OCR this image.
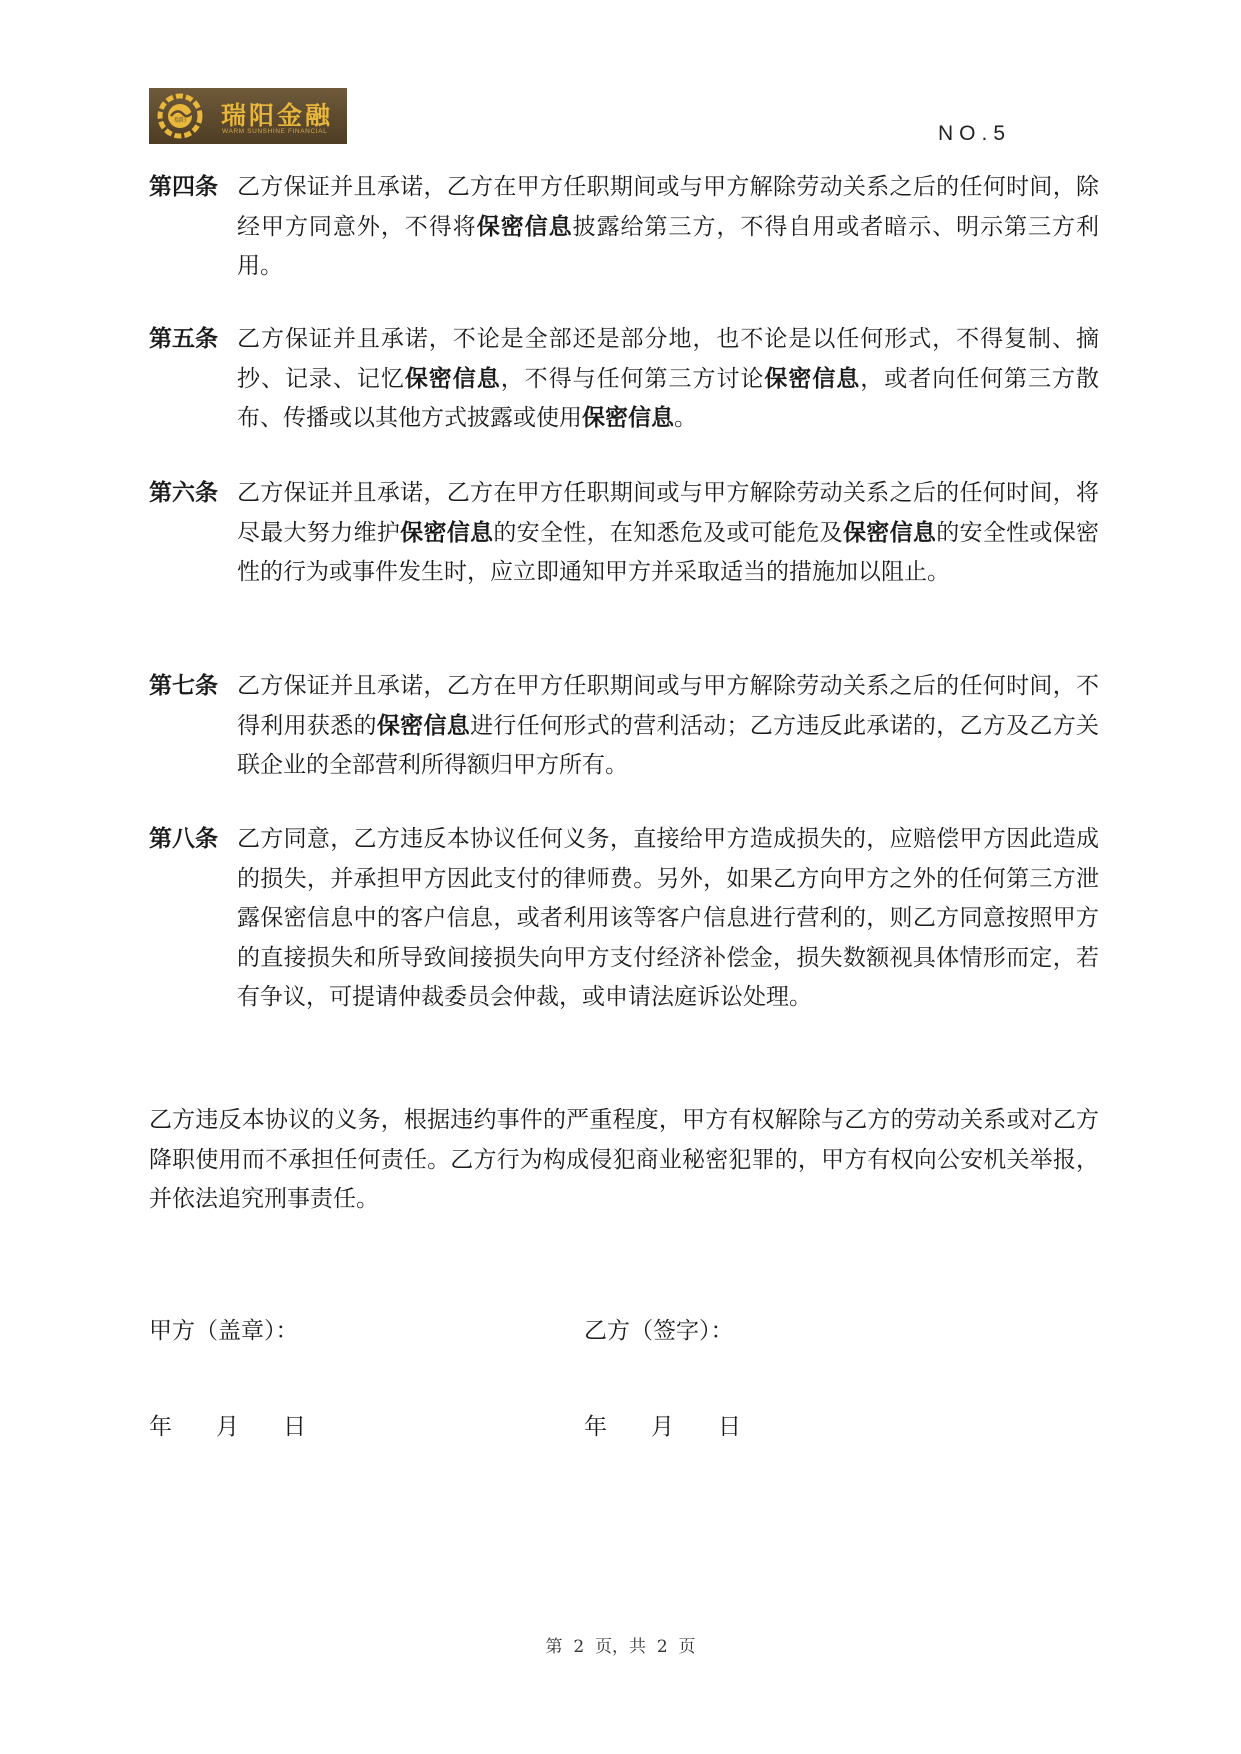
瑞阳 瑞阳金融
WARM SUNSHINE FINANCIAL	NO.5
第四条 乙方保证并且承诺，乙方在甲方任职期间或与甲方解除劳动关系之后的任何时间，除经甲方同意外，不得将保密信息披露给第三方，不得自用或者暗示、明示第三方利用。
第五条 乙方保证并且承诺，不论是全部还是部分地，也不论是以任何形式，不得复制、摘抄、记录、记忆保密信息，不得与任何第三方讨论保密信息，或者向任何第三方散布、传播或以其他方式披露或使用保密信息。
第六条 乙方保证并且承诺，乙方在甲方任职期间或与甲方解除劳动关系之后的任何时间，将尽最大努力维护保密信息的安全性，在知悉危及或可能危及保密信息的安全性或保密性的行为或事件发生时，应立即通知甲方并采取适当的措施加以阻止。
第七条 乙方保证并且承诺，乙方在甲方任职期间或与甲方解除劳动关系之后的任何时间，不得利用获悉的保密信息进行任何形式的营利活动；乙方违反此承诺的，乙方及乙方关联企业的全部营利所得额归甲方所有。
第八条 乙方同意，乙方违反本协议任何义务，直接给甲方造成损失的，应赔偿甲方因此造成的损失，并承担甲方因此支付的律师费。另外，如果乙方向甲方之外的任何第三方泄露保密信息中的客户信息，或者利用该等客户信息进行营利的，则乙方同意按照甲方的直接损失和所导致间接损失向甲方支付经济补偿金，损失数额视具体情形而定，若有争议，可提请仲裁委员会仲裁，或申请法庭诉讼处理。
乙方违反本协议的义务，根据违约事件的严重程度，甲方有权解除与乙方的劳动关系或对乙方降职使用而不承担任何责任。乙方行为构成侵犯商业秘密犯罪的，甲方有权向公安机关举报，并依法追究刑事责任。
甲方（盖章）：	乙方（签字）：
年 月 日	年 月 日
第 2 页，共 2 页
